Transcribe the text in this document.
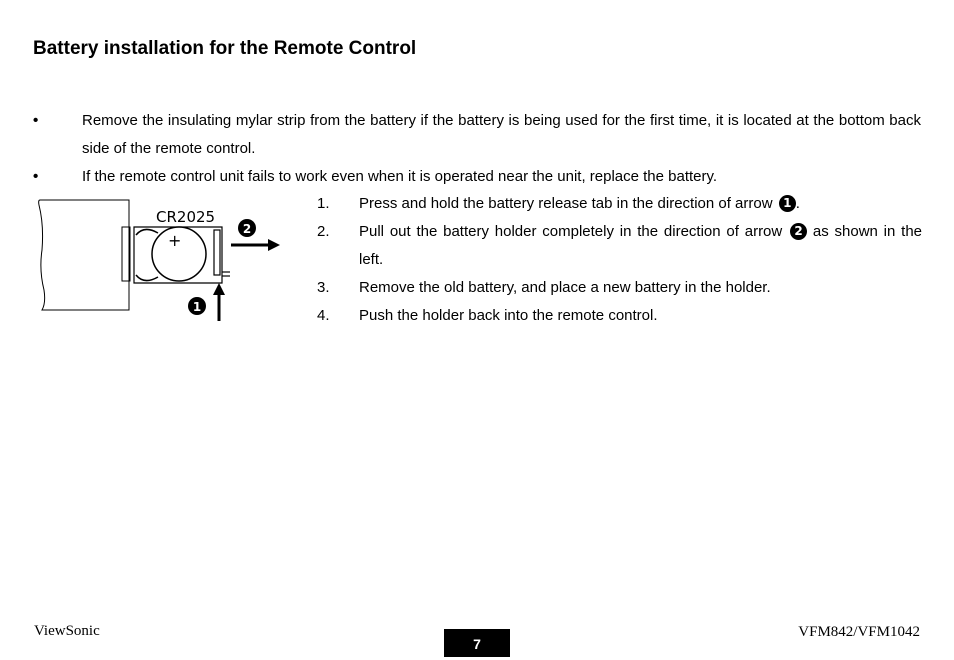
Battery installation for the Remote Control
•	Remove the insulating mylar strip from the battery if the battery is being used for the first time, it is located at the bottom back side of the remote control.
•	If the remote control unit fails to work even when it is operated near the unit, replace the battery.
CR2025
+
2
1
1.	Press and hold the battery release tab in the direction of arrow 1 .
2.	Pull out the battery holder completely in the direction of arrow 2 as shown in the left.
3.	Remove the old battery, and place a new battery in the holder.
4.	Push the holder back into the remote control.
ViewSonic
7
VFM842/VFM1042
